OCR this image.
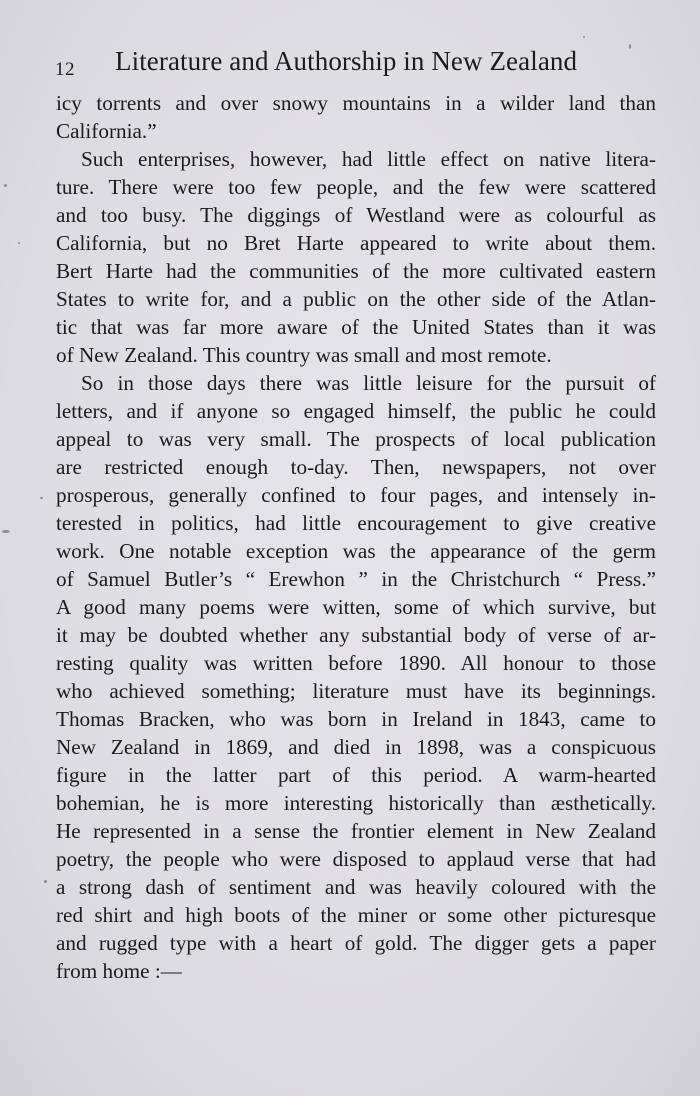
12 Literature and Authorship in New Zealand
icy torrents and over snowy mountains in a wilder land than
California.”
Such enterprises, however, had little effect on native litera-
ture. There were too few people, and the few were scattered
and too busy. The diggings of Westland were as colourful as
California, but no Bret Harte appeared to write about them.
Bert Harte had the communities of the more cultivated eastern
States to write for, and a public on the other side of the Atlan-
tic that was far more aware of the United States than it was
of New Zealand. This country was small and most remote.
So in those days there was little leisure for the pursuit of
letters, and if anyone so engaged himself, the public he could
appeal to was very small. The prospects of local publication
are restricted enough to-day. Then, newspapers, not over
prosperous, generally confined to four pages, and intensely in-
terested in politics, had little encouragement to give creative
work. One notable exception was the appearance of the germ
of Samuel Butler’s “ Erewhon ” in the Christchurch “ Press.”
A good many poems were witten, some of which survive, but
it may be doubted whether any substantial body of verse of ar-
resting quality was written before 1890. All honour to those
who achieved something; literature must have its beginnings.
Thomas Bracken, who was born in Ireland in 1843, came to
New Zealand in 1869, and died in 1898, was a conspicuous
figure in the latter part of this period. A warm-hearted
bohemian, he is more interesting historically than æsthetically.
He represented in a sense the frontier element in New Zealand
poetry, the people who were disposed to applaud verse that had
a strong dash of sentiment and was heavily coloured with the
red shirt and high boots of the miner or some other picturesque
and rugged type with a heart of gold. The digger gets a paper
from home :—
